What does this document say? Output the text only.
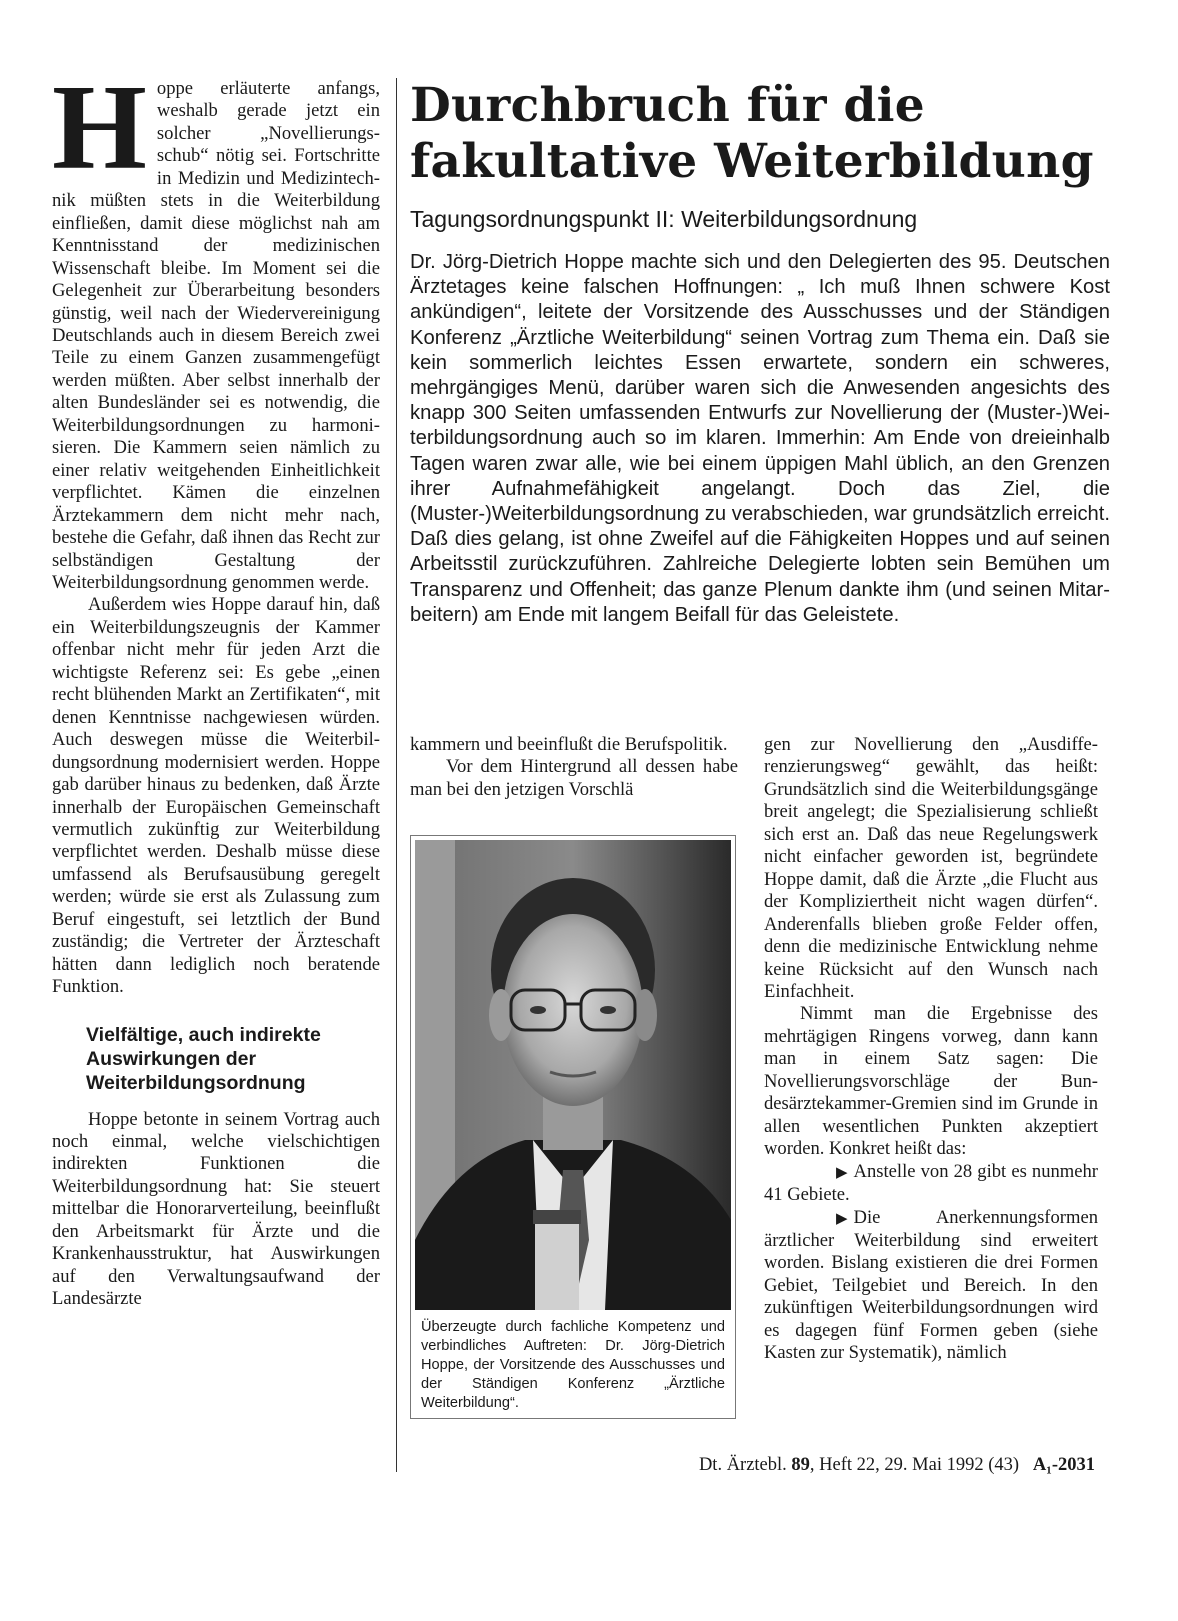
Hoppe erläuterte anfangs, weshalb gerade jetzt ein solcher „Novellierungsschub“ nötig sei. Fortschritte in Medizin und Medizintechnik müßten stets in die Weiterbildung einfließen, damit diese möglichst nah am Kenntnisstand der medizinischen Wissenschaft bleibe. Im Moment sei die Gelegenheit zur Überarbeitung besonders günstig, weil nach der Wiedervereinigung Deutschlands auch in diesem Bereich zwei Teile zu einem Ganzen zusammengefügt werden müßten. Aber selbst innerhalb der alten Bundesländer sei es notwendig, die Weiterbildungsordnungen zu harmonisieren. Die Kammern seien nämlich zu einer relativ weitgehenden Einheitlichkeit verpflichtet. Kämen die einzelnen Ärztekammern dem nicht mehr nach, bestehe die Gefahr, daß ihnen das Recht zur selbständigen Gestaltung der Weiterbildungsordnung genommen werde.

Außerdem wies Hoppe darauf hin, daß ein Weiterbildungszeugnis der Kammer offenbar nicht mehr für jeden Arzt die wichtigste Referenz sei: Es gebe „einen recht blühenden Markt an Zertifikaten“, mit denen Kenntnisse nachgewiesen würden. Auch deswegen müsse die Weiterbildungsordnung modernisiert werden. Hoppe gab darüber hinaus zu bedenken, daß Ärzte innerhalb der Europäischen Gemeinschaft vermutlich zukünftig zur Weiterbildung verpflichtet werden. Deshalb müsse diese umfassend als Berufsausübung geregelt werden; würde sie erst als Zulassung zum Beruf eingestuft, sei letztlich der Bund zuständig; die Vertreter der Ärzteschaft hätten dann lediglich noch beratende Funktion.

Vielfältige, auch indirekte Auswirkungen der Weiterbildungsordnung

Hoppe betonte in seinem Vortrag auch noch einmal, welche vielschichtigen indirekten Funktionen die Weiterbildungsordnung hat: Sie steuert mittelbar die Honorarverteilung, beeinflußt den Arbeitsmarkt für Ärzte und die Krankenhausstruktur, hat Auswirkungen auf den Verwaltungsaufwand der Landesärzte

Durchbruch für die fakultative Weiterbildung
Tagungsordnungspunkt II: Weiterbildungsordnung

Dr. Jörg-Dietrich Hoppe machte sich und den Delegierten des 95. Deutschen Ärztetages keine falschen Hoffnungen: „ Ich muß Ihnen schwere Kost ankündigen“, leitete der Vorsitzende des Ausschusses und der Ständigen Konferenz „Ärztliche Weiterbildung“ seinen Vortrag zum Thema ein. Daß sie kein sommerlich leichtes Essen erwartete, sondern ein schweres, mehrgängiges Menü, darüber waren sich die Anwesenden angesichts des knapp 300 Seiten umfassenden Entwurfs zur Novellierung der (Muster-)Weiterbildungsordnung auch so im klaren. Immerhin: Am Ende von dreieinhalb Tagen waren zwar alle, wie bei einem üppigen Mahl üblich, an den Grenzen ihrer Aufnahmefähigkeit angelangt. Doch das Ziel, die (Muster-)Weiterbildungsordnung zu verabschieden, war grundsätzlich erreicht. Daß dies gelang, ist ohne Zweifel auf die Fähigkeiten Hoppes und auf seinen Arbeitsstil zurückzuführen. Zahlreiche Delegierte lobten sein Bemühen um Transparenz und Offenheit; das ganze Plenum dankte ihm (und seinen Mitarbeitern) am Ende mit langem Beifall für das Geleistete.

kammern und beeinflußt die Berufspolitik.

Vor dem Hintergrund all dessen habe man bei den jetzigen Vorschlä

Überzeugte durch fachliche Kompetenz und verbindliches Auftreten: Dr. Jörg-Dietrich Hoppe, der Vorsitzende des Ausschusses und der Ständigen Konferenz „Ärztliche Weiterbildung“.

gen zur Novellierung den „Ausdifferenzierungsweg“ gewählt, das heißt: Grundsätzlich sind die Weiterbildungsgänge breit angelegt; die Spezialisierung schließt sich erst an. Daß das neue Regelungswerk nicht einfacher geworden ist, begründete Hoppe damit, daß die Ärzte „die Flucht aus der Kompliziertheit nicht wagen dürfen“. Anderenfalls blieben große Felder offen, denn die medizinische Entwicklung nehme keine Rücksicht auf den Wunsch nach Einfachheit.

Nimmt man die Ergebnisse des mehrtägigen Ringens vorweg, dann kann man in einem Satz sagen: Die Novellierungsvorschläge der Bundesärztekammer-Gremien sind im Grunde in allen wesentlichen Punkten akzeptiert worden. Konkret heißt das:

▶ Anstelle von 28 gibt es nunmehr 41 Gebiete.

▶ Die Anerkennungsformen ärztlicher Weiterbildung sind erweitert worden. Bislang existieren die drei Formen Gebiet, Teilgebiet und Bereich. In den zukünftigen Weiterbildungsordnungen wird es dagegen fünf Formen geben (siehe Kasten zur Systematik), nämlich

Dt. Ärztebl. 89, Heft 22, 29. Mai 1992 (43) A₁-2031
